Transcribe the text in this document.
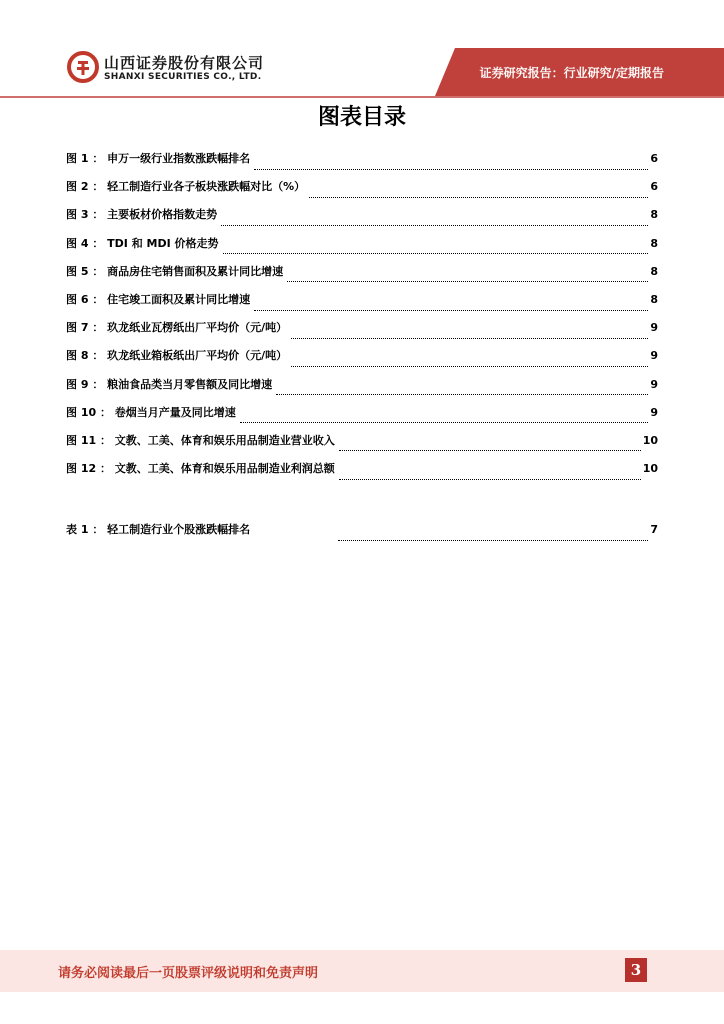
山西证券股份有限公司
SHANXI SECURITIES CO., LTD.	证券研究报告：行业研究/定期报告
图表目录
图 1 ： 申万一级行业指数涨跌幅排名	6
图 2 ： 轻工制造行业各子板块涨跌幅对比（%）	6
图 3 ： 主要板材价格指数走势	8
图 4 ： TDI 和 MDI 价格走势	8
图 5 ： 商品房住宅销售面积及累计同比增速	8
图 6 ： 住宅竣工面积及累计同比增速	8
图 7 ： 玖龙纸业瓦楞纸出厂平均价（元/吨）	9
图 8 ： 玖龙纸业箱板纸出厂平均价（元/吨）	9
图 9 ： 粮油食品类当月零售额及同比增速	9
图 10 ： 卷烟当月产量及同比增速	9
图 11 ： 文教、工美、体育和娱乐用品制造业营业收入	10
图 12 ： 文教、工美、体育和娱乐用品制造业利润总额	10
表 1 ： 轻工制造行业个股涨跌幅排名	7
请务必阅读最后一页股票评级说明和免责声明	3
